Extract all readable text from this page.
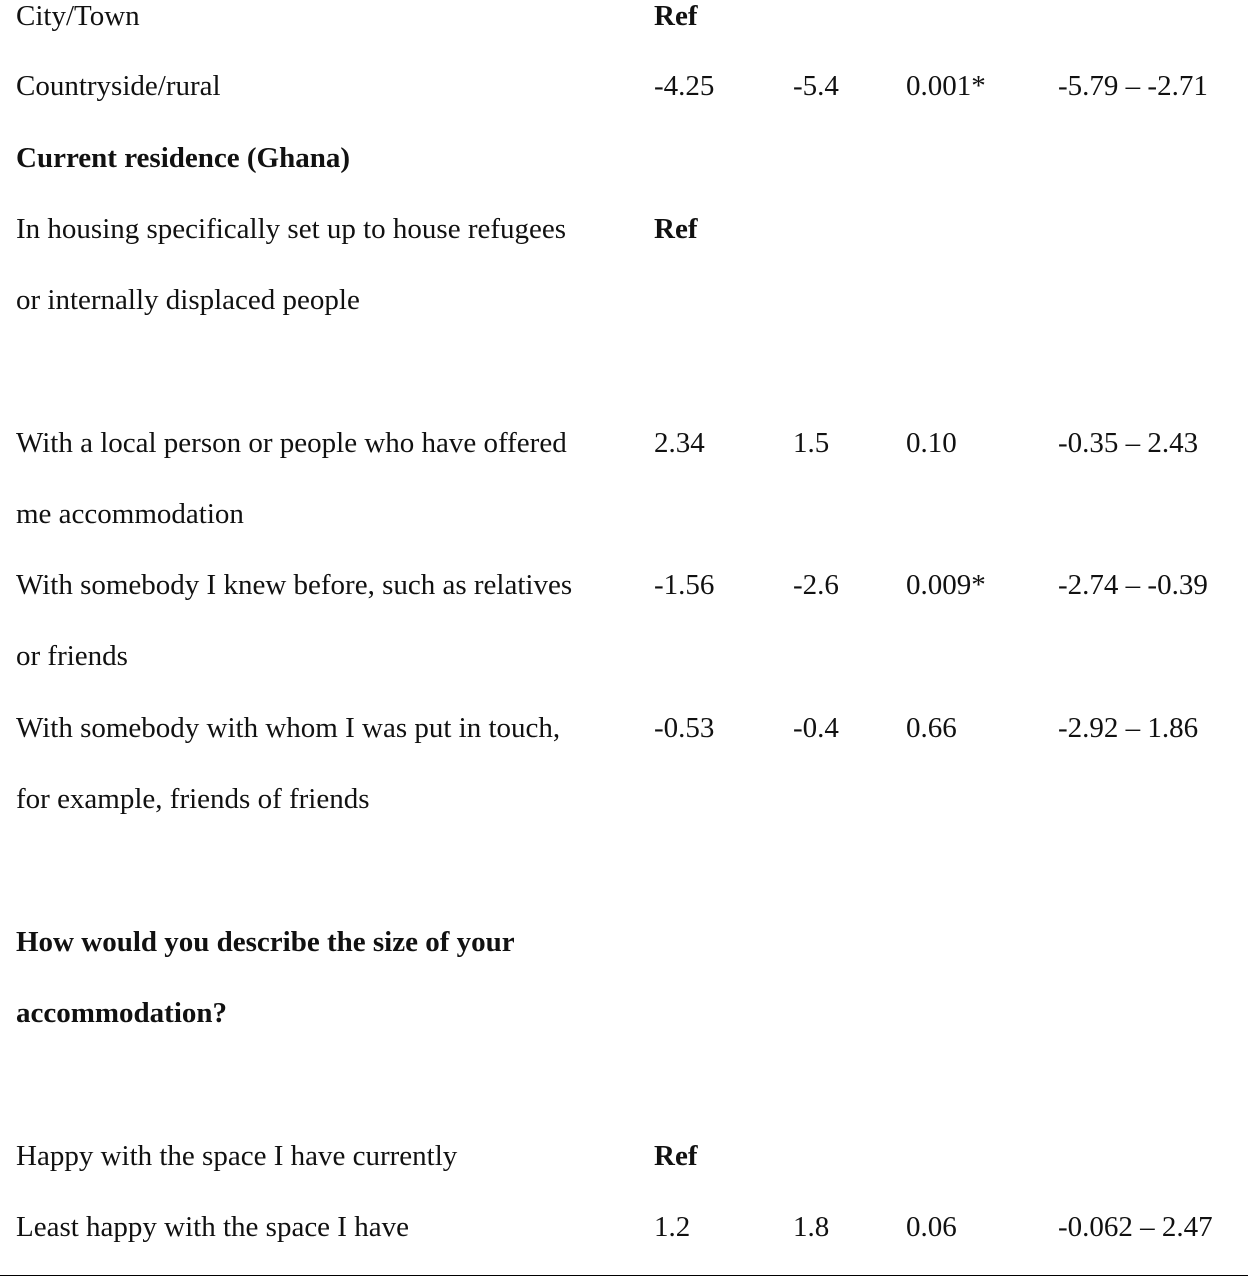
City/Town	Ref
Countryside/rural	-4.25	-5.4 0.001* -5.79 – -2.71
Current residence (Ghana)
In housing specifically set up to house refugees
or internally displaced people
Ref
With a local person or people who have offered
me accommodation
2.34	1.5	0.10	-0.35 – 2.43
With somebody I knew before, such as relatives
or friends
-1.56	-2.6 0.009* -2.74 – -0.39
With somebody with whom I was put in touch,
for example, friends of friends
-0.53	-0.4 0.66	-2.92 – 1.86
How would you describe the size of your
accommodation?
Happy with the space I have currently	Ref
Least happy with the space I have	1.2	1.8	0.06	-0.062 – 2.47
